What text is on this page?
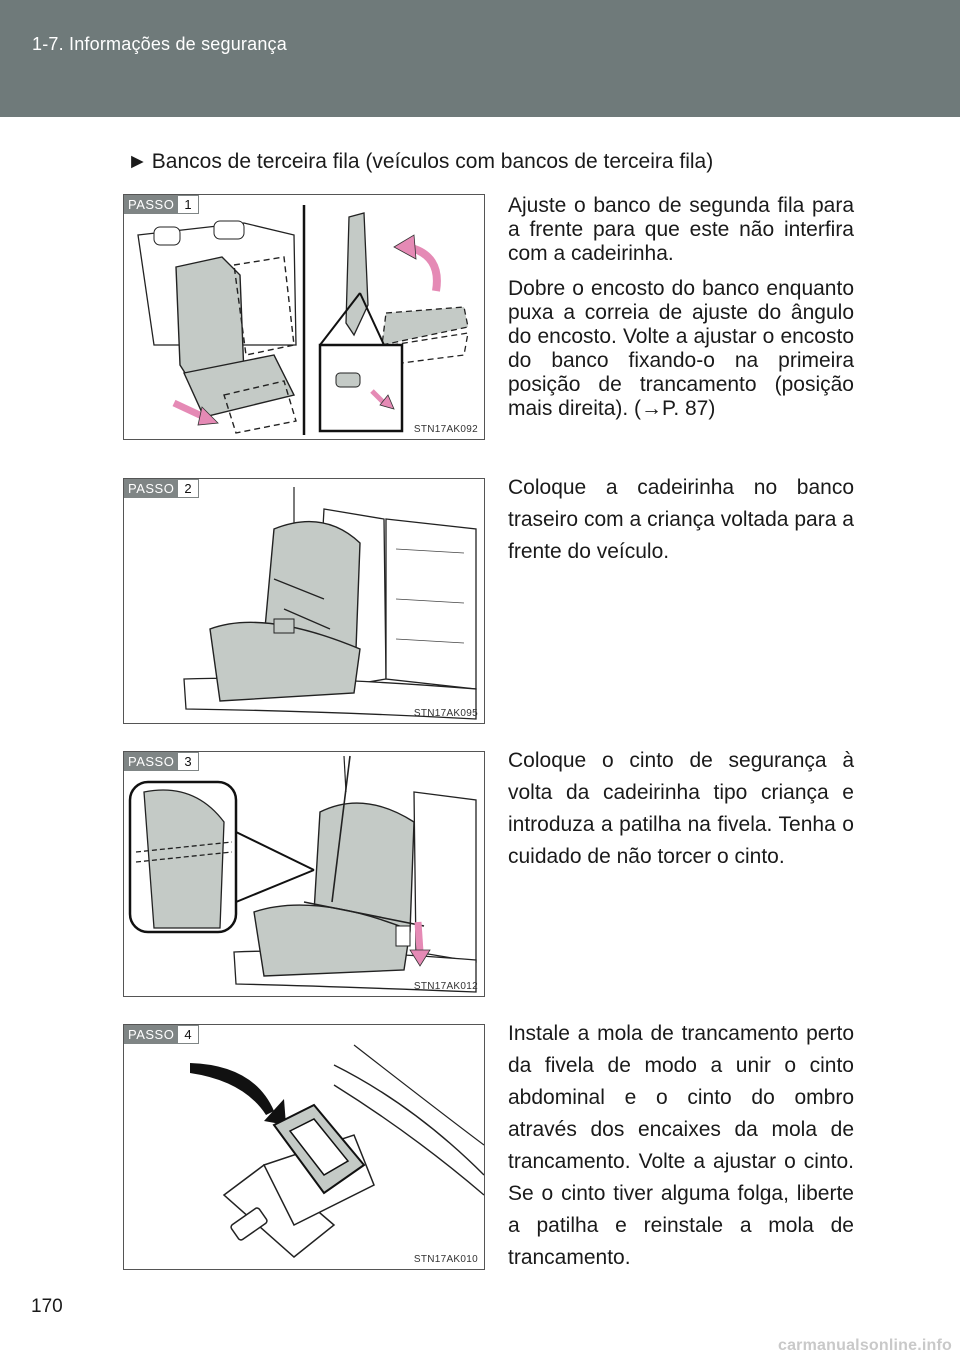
1-7. Informações de segurança
► Bancos de terceira fila (veículos com bancos de terceira fila)
PASSO 1
STN17AK092

Ajuste o banco de segunda fila para a frente para que este não interfira com a cadeirinha.

Dobre o encosto do banco enquanto puxa a correia de ajuste do ângulo do encosto. Volte a ajustar o encosto do banco fixando-o na primeira posição de trancamento (posição mais direita). (→P. 87)

PASSO 2
STN17AK095

Coloque a cadeirinha no banco traseiro com a criança voltada para a frente do veículo.

PASSO 3
STN17AK012

Coloque o cinto de segurança à volta da cadeirinha tipo criança e introduza a patilha na fivela. Tenha o cuidado de não torcer o cinto.

PASSO 4
STN17AK010

Instale a mola de trancamento perto da fivela de modo a unir o cinto abdominal e o cinto do ombro através dos encaixes da mola de trancamento. Volte a ajustar o cinto. Se o cinto tiver alguma folga, liberte a patilha e reinstale a mola de trancamento.

170
carmanualsonline.info
